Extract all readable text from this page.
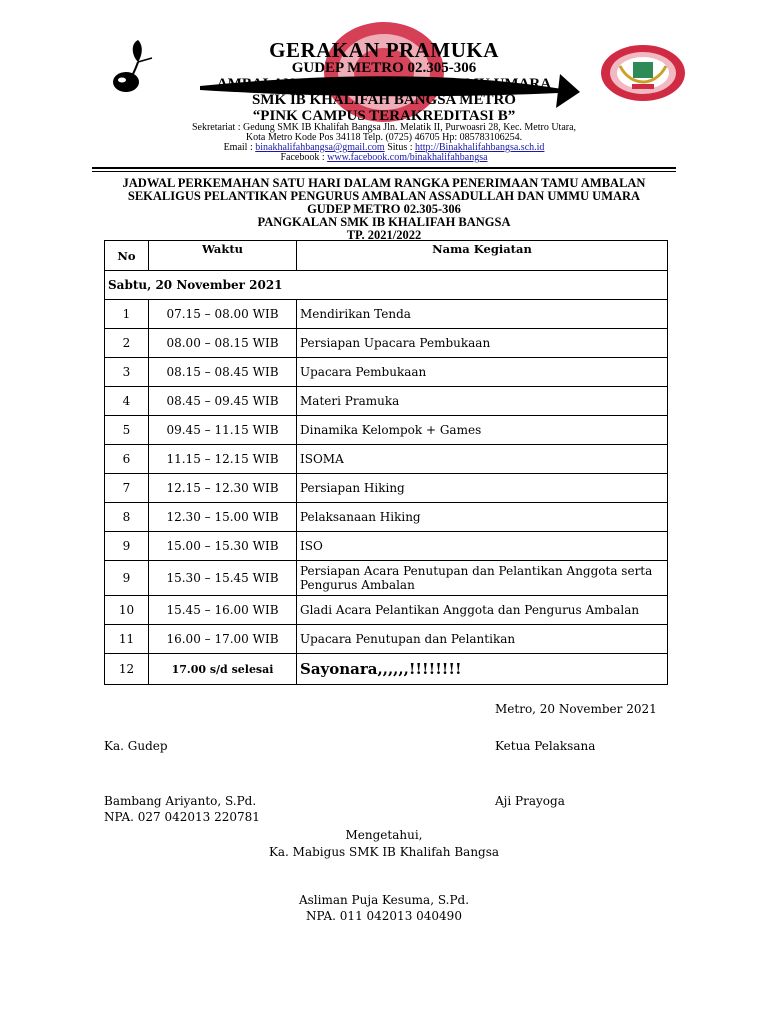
GERAKAN PRAMUKA
GUDEP METRO 02.305-306
AMBALAN ASSADULLAH DAN UMMU UMARA
SMK IB KHALIFAH BANGSA METRO
“PINK CAMPUS TERAKREDITASI B”
Sekretariat : Gedung SMK IB Khalifah Bangsa Jln. Melatik II, Purwoasri 28, Kec. Metro Utara,
Kota Metro Kode Pos 34118 Telp. (0725) 46705 Hp: 085783106254.
Email : binakhalifahbangsa@gmail.com Situs : http://Binakhalifahbangsa.sch.id
Facebook : www.facebook.com/binakhalifahbangsa
JADWAL PERKEMAHAN SATU HARI DALAM RANGKA PENERIMAAN TAMU AMBALAN
SEKALIGUS PELANTIKAN PENGURUS AMBALAN ASSADULLAH DAN UMMU UMARA
GUDEP METRO 02.305-306
PANGKALAN SMK IB KHALIFAH BANGSA
TP. 2021/2022
No	Waktu	Nama Kegiatan
Sabtu, 20 November 2021		
1	07.15 – 08.00 WIB	Mendirikan Tenda
2	08.00 – 08.15 WIB	Persiapan Upacara Pembukaan
3	08.15 – 08.45 WIB	Upacara Pembukaan
4	08.45 – 09.45 WIB	Materi Pramuka
5	09.45 – 11.15 WIB	Dinamika Kelompok + Games
6	11.15 – 12.15 WIB	ISOMA
7	12.15 – 12.30 WIB	Persiapan Hiking
8	12.30 – 15.00 WIB	Pelaksanaan Hiking
9	15.00 – 15.30 WIB	ISO
9	15.30 – 15.45 WIB	Persiapan Acara Penutupan dan Pelantikan Anggota serta Pengurus Ambalan
10	15.45 – 16.00 WIB	Gladi Acara Pelantikan Anggota dan Pengurus Ambalan
11	16.00 – 17.00 WIB	Upacara Penutupan dan Pelantikan
12	17.00 s/d selesai	Sayonara,,,,,,!!!!!!!!
Metro, 20 November 2021
Ka. Gudep	Ketua Pelaksana
Bambang Ariyanto, S.Pd.	Aji Prayoga
NPA. 027 042013 220781
Mengetahui,
Ka. Mabigus SMK IB Khalifah Bangsa
Asliman Puja Kesuma, S.Pd.
NPA. 011 042013 040490
